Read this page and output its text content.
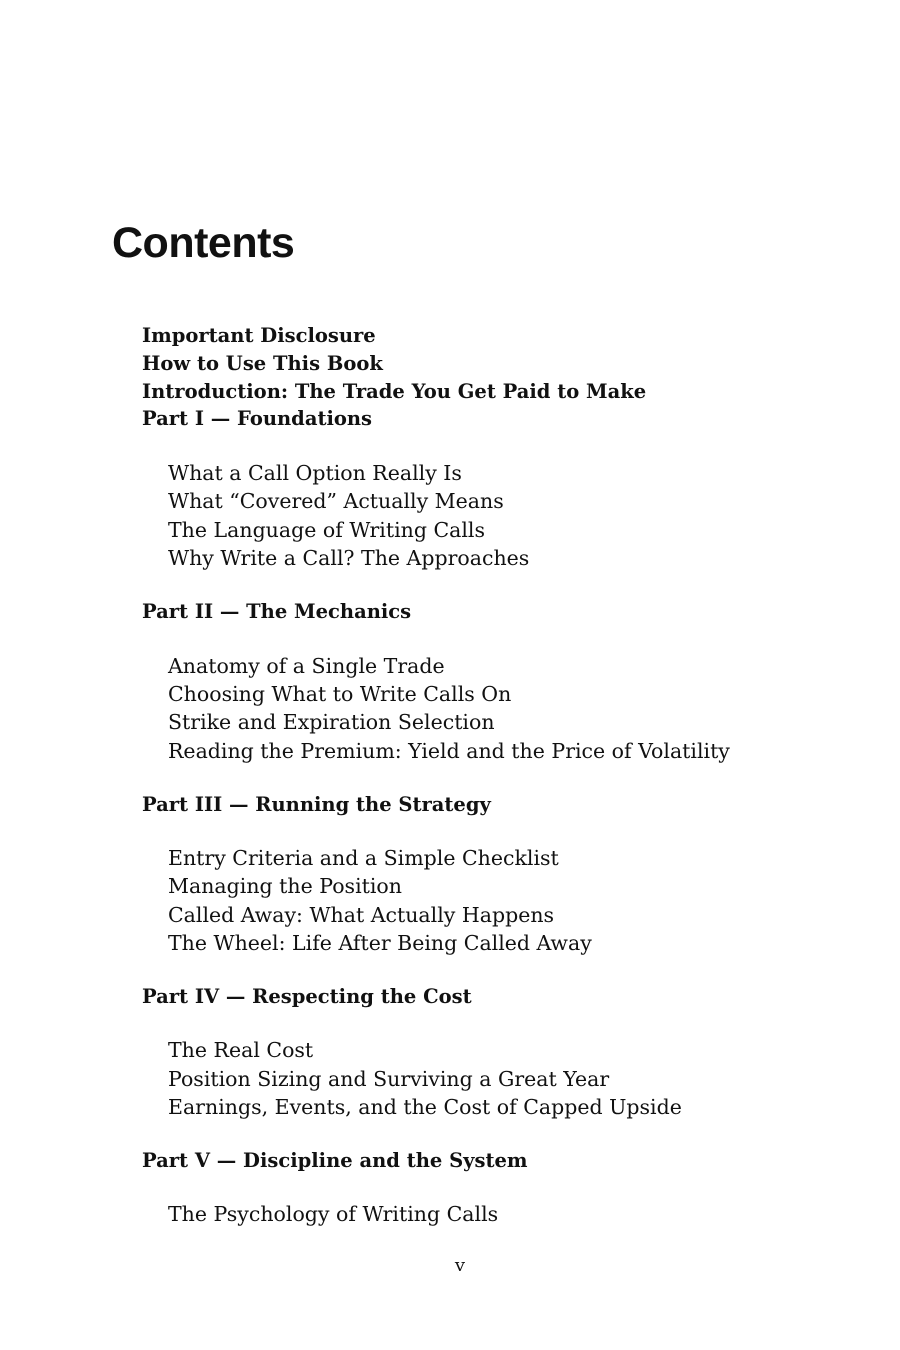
Contents
Important Disclosure
How to Use This Book
Introduction: The Trade You Get Paid to Make
Part I — Foundations
What a Call Option Really Is
What “Covered” Actually Means
The Language of Writing Calls
Why Write a Call? The Approaches
Part II — The Mechanics
Anatomy of a Single Trade
Choosing What to Write Calls On
Strike and Expiration Selection
Reading the Premium: Yield and the Price of Volatility
Part III — Running the Strategy
Entry Criteria and a Simple Checklist
Managing the Position
Called Away: What Actually Happens
The Wheel: Life After Being Called Away
Part IV — Respecting the Cost
The Real Cost
Position Sizing and Surviving a Great Year
Earnings, Events, and the Cost of Capped Upside
Part V — Discipline and the System
The Psychology of Writing Calls
v
